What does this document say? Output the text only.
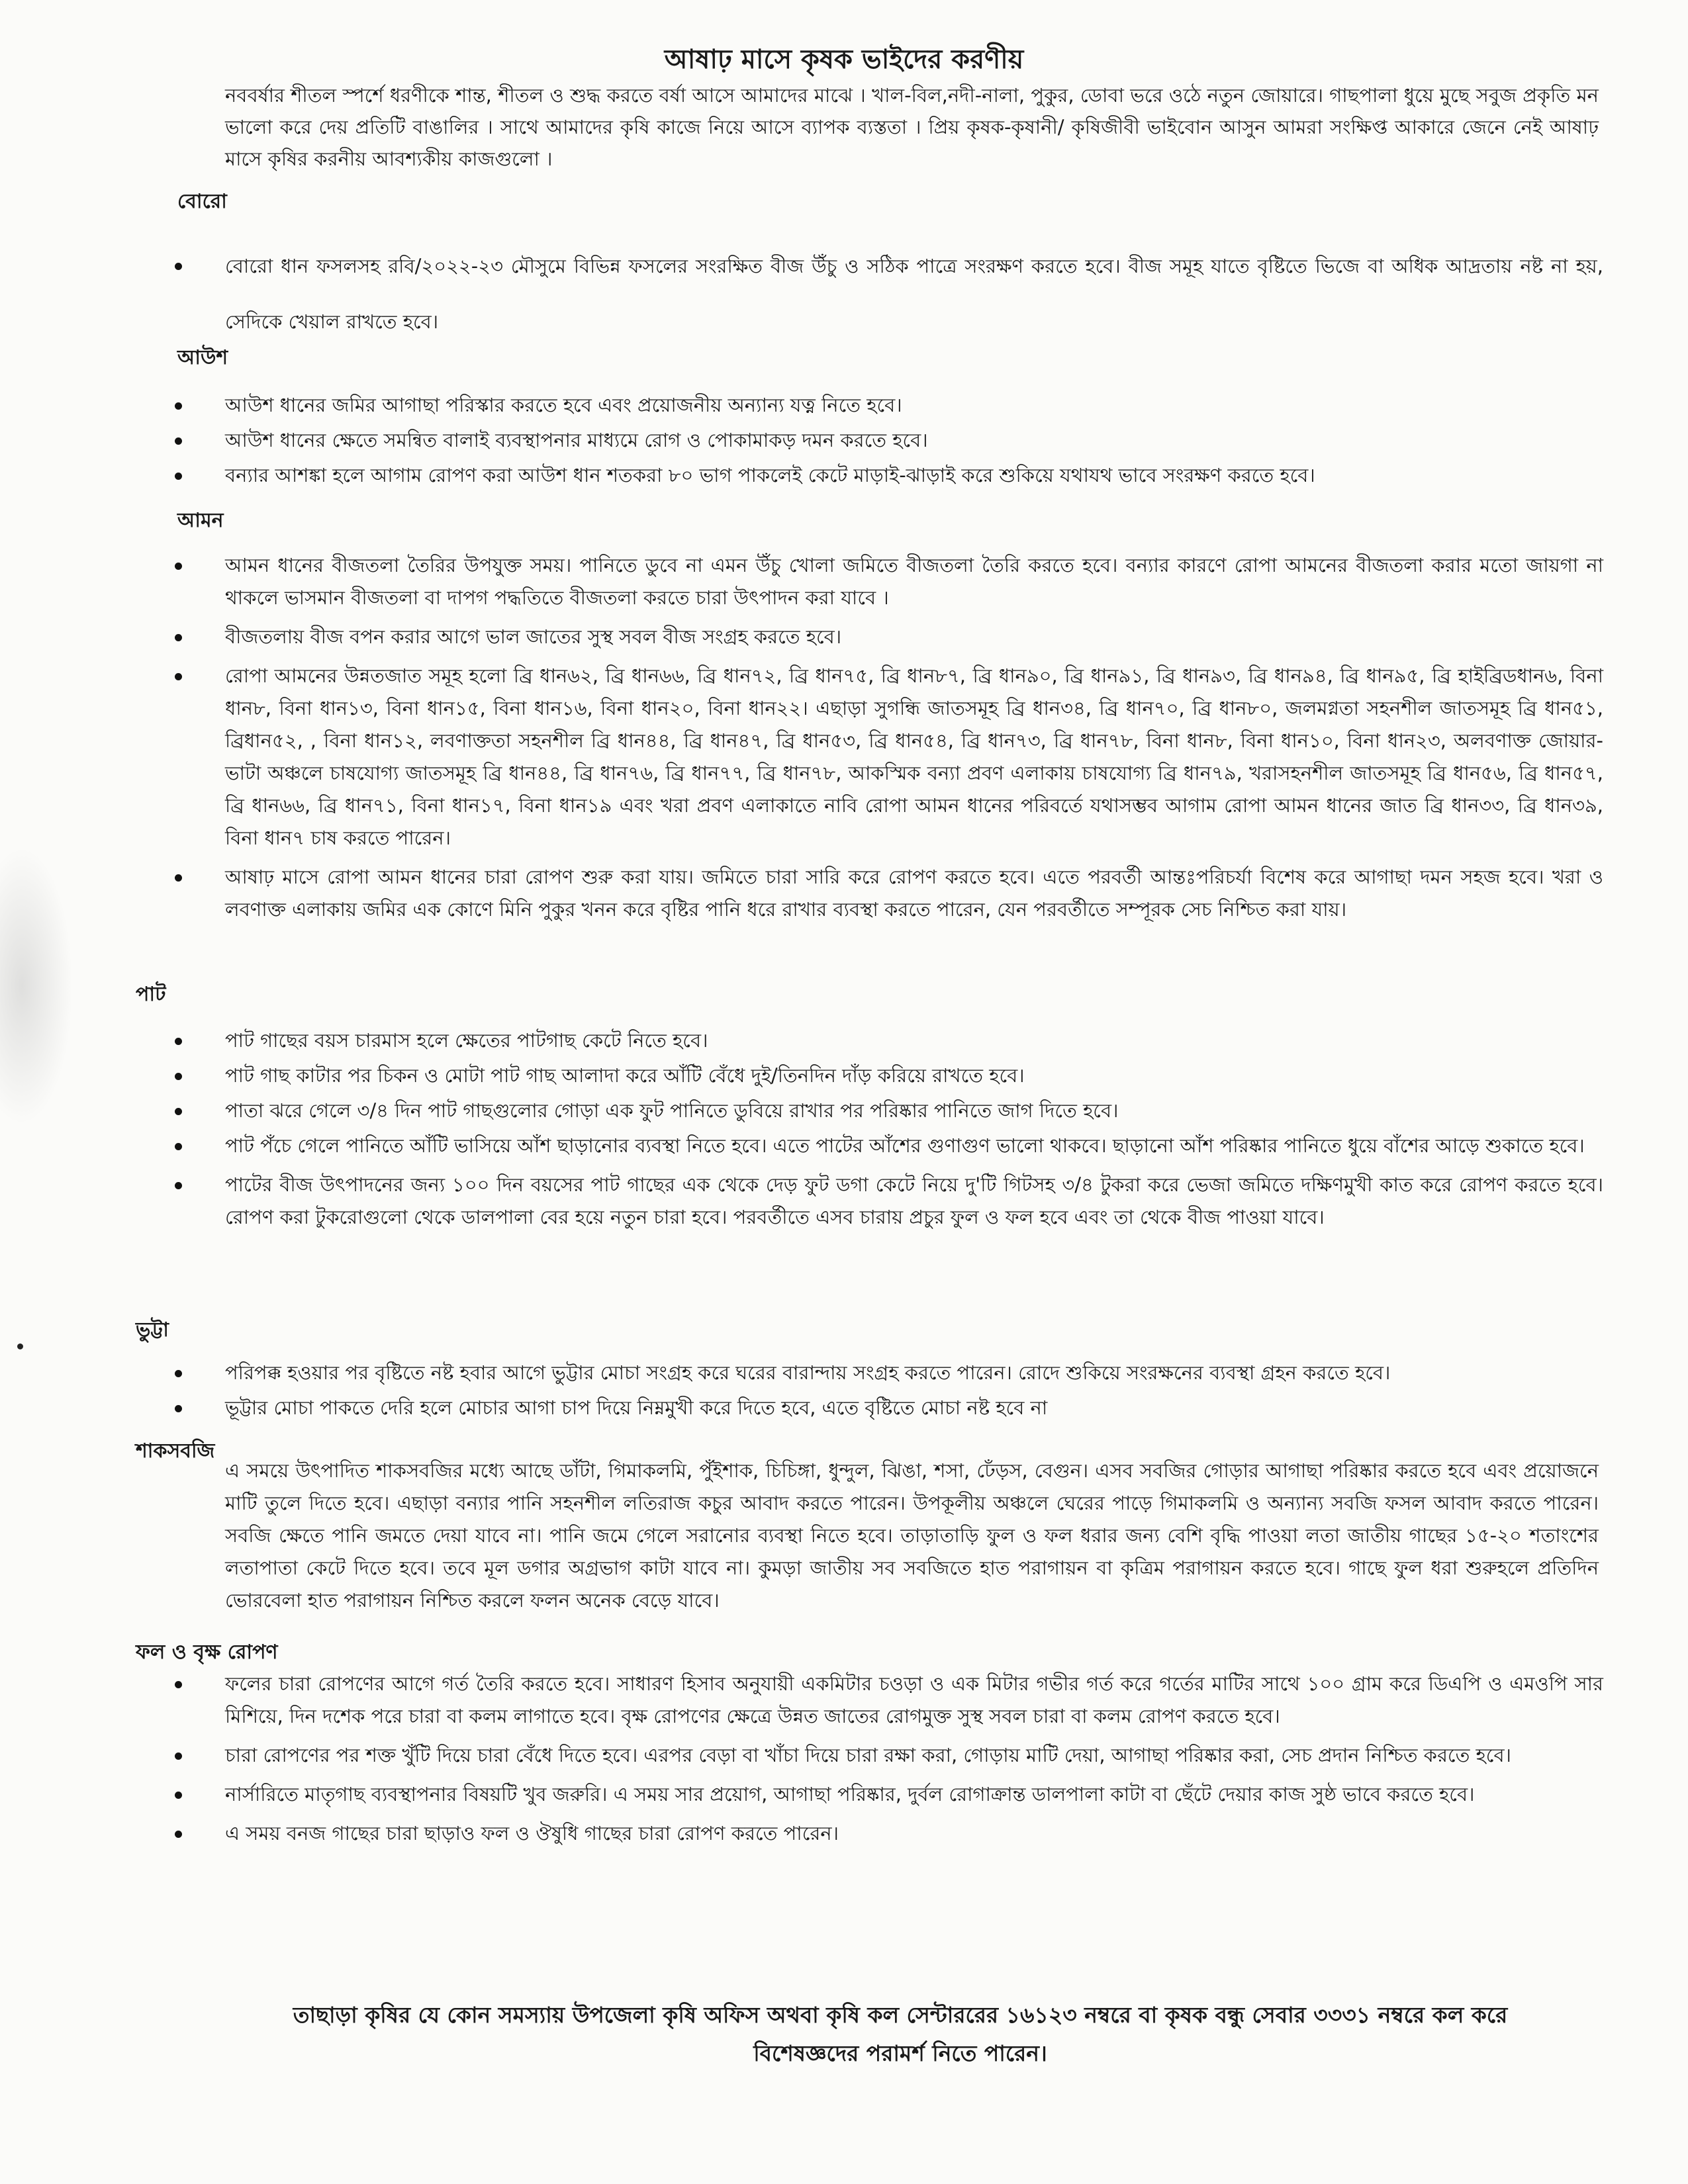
আষাঢ় মাসে কৃষক ভাইদের করণীয়

নববর্ষার শীতল স্পর্শে ধরণীকে শান্ত, শীতল ও শুদ্ধ করতে বর্ষা আসে আমাদের মাঝে । খাল-বিল,নদী-নালা, পুকুর, ডোবা ভরে ওঠে নতুন জোয়ারে। গাছপালা ধুয়ে মুছে সবুজ প্রকৃতি মন ভালো করে দেয় প্রতিটি বাঙালির । সাথে আমাদের কৃষি কাজে নিয়ে আসে ব্যাপক ব্যস্ততা । প্রিয় কৃষক-কৃষানী/ কৃষিজীবী ভাইবোন আসুন আমরা সংক্ষিপ্ত আকারে জেনে নেই আষাঢ় মাসে কৃষির করনীয় আবশ্যকীয় কাজগুলো ।

বোরো
বোরো ধান ফসলসহ রবি/২০২২-২৩ মৌসুমে বিভিন্ন ফসলের সংরক্ষিত বীজ উঁচু ও সঠিক পাত্রে সংরক্ষণ করতে হবে। বীজ সমূহ যাতে বৃষ্টিতে ভিজে বা অধিক আদ্রতায় নষ্ট না হয়, সেদিকে খেয়াল রাখতে হবে।
আউশ
আউশ ধানের জমির আগাছা পরিস্কার করতে হবে এবং প্রয়োজনীয় অন্যান্য যত্ন নিতে হবে।
আউশ ধানের ক্ষেতে সমন্বিত বালাই ব্যবস্থাপনার মাধ্যমে রোগ ও পোকামাকড় দমন করতে হবে।
বন্যার আশঙ্কা হলে আগাম রোপণ করা আউশ ধান শতকরা ৮০ ভাগ পাকলেই কেটে মাড়াই-ঝাড়াই করে শুকিয়ে যথাযথ ভাবে সংরক্ষণ করতে হবে।
আমন
আমন ধানের বীজতলা তৈরির উপযুক্ত সময়। পানিতে ডুবে না এমন উঁচু খোলা জমিতে বীজতলা তৈরি করতে হবে। বন্যার কারণে রোপা আমনের বীজতলা করার মতো জায়গা না থাকলে ভাসমান বীজতলা বা দাপগ পদ্ধতিতে বীজতলা করতে চারা উৎপাদন করা যাবে ।
বীজতলায় বীজ বপন করার আগে ভাল জাতের সুস্থ সবল বীজ সংগ্রহ করতে হবে।
রোপা আমনের উন্নতজাত সমূহ হলো ব্রি ধান৬২, ব্রি ধান৬৬, ব্রি ধান৭২, ব্রি ধান৭৫, ব্রি ধান৮৭, ব্রি ধান৯০, ব্রি ধান৯১, ব্রি ধান৯৩, ব্রি ধান৯৪, ব্রি ধান৯৫, ব্রি হাইব্রিডধান৬, বিনা ধান৮, বিনা ধান১৩, বিনা ধান১৫, বিনা ধান১৬, বিনা ধান২০, বিনা ধান২২। এছাড়া সুগন্ধি জাতসমূহ ব্রি ধান৩৪, ব্রি ধান৭০, ব্রি ধান৮০, জলমগ্নতা সহনশীল জাতসমূহ ব্রি ধান৫১, ব্রিধান৫২, , বিনা ধান১২, লবণাক্ততা সহনশীল ব্রি ধান৪৪, ব্রি ধান৪৭, ব্রি ধান৫৩, ব্রি ধান৫৪, ব্রি ধান৭৩, ব্রি ধান৭৮, বিনা ধান৮, বিনা ধান১০, বিনা ধান২৩, অলবণাক্ত জোয়ার-ভাটা অঞ্চলে চাষযোগ্য জাতসমূহ ব্রি ধান৪৪, ব্রি ধান৭৬, ব্রি ধান৭৭, ব্রি ধান৭৮, আকস্মিক বন্যা প্রবণ এলাকায় চাষযোগ্য ব্রি ধান৭৯, খরাসহনশীল জাতসমূহ ব্রি ধান৫৬, ব্রি ধান৫৭, ব্রি ধান৬৬, ব্রি ধান৭১, বিনা ধান১৭, বিনা ধান১৯ এবং খরা প্রবণ এলাকাতে নাবি রোপা আমন ধানের পরিবর্তে যথাসম্ভব আগাম রোপা আমন ধানের জাত ব্রি ধান৩৩, ব্রি ধান৩৯, বিনা ধান৭ চাষ করতে পারেন।
আষাঢ় মাসে রোপা আমন ধানের চারা রোপণ শুরু করা যায়। জমিতে চারা সারি করে রোপণ করতে হবে। এতে পরবর্তী আন্তঃপরিচর্যা বিশেষ করে আগাছা দমন সহজ হবে। খরা ও লবণাক্ত এলাকায় জমির এক কোণে মিনি পুকুর খনন করে বৃষ্টির পানি ধরে রাখার ব্যবস্থা করতে পারেন, যেন পরবর্তীতে সম্পূরক সেচ নিশ্চিত করা যায়।
পাট
পাট গাছের বয়স চারমাস হলে ক্ষেতের পাটগাছ কেটে নিতে হবে।
পাট গাছ কাটার পর চিকন ও মোটা পাট গাছ আলাদা করে আঁটি বেঁধে দুই/তিনদিন দাঁড় করিয়ে রাখতে হবে।
পাতা ঝরে গেলে ৩/৪ দিন পাট গাছগুলোর গোড়া এক ফুট পানিতে ডুবিয়ে রাখার পর পরিষ্কার পানিতে জাগ দিতে হবে।
পাট পঁচে গেলে পানিতে আঁটি ভাসিয়ে আঁশ ছাড়ানোর ব্যবস্থা নিতে হবে। এতে পাটের আঁশের গুণাগুণ ভালো থাকবে। ছাড়ানো আঁশ পরিষ্কার পানিতে ধুয়ে বাঁশের আড়ে শুকাতে হবে।
পাটের বীজ উৎপাদনের জন্য ১০০ দিন বয়সের পাট গাছের এক থেকে দেড় ফুট ডগা কেটে নিয়ে দু'টি গিটসহ ৩/৪ টুকরা করে ভেজা জমিতে দক্ষিণমুখী কাত করে রোপণ করতে হবে। রোপণ করা টুকরোগুলো থেকে ডালপালা বের হয়ে নতুন চারা হবে। পরবর্তীতে এসব চারায় প্রচুর ফুল ও ফল হবে এবং তা থেকে বীজ পাওয়া যাবে।
ভুট্টা
পরিপক্ক হওয়ার পর বৃষ্টিতে নষ্ট হবার আগে ভুট্টার মোচা সংগ্রহ করে ঘরের বারান্দায় সংগ্রহ করতে পারেন। রোদে শুকিয়ে সংরক্ষনের ব্যবস্থা গ্রহন করতে হবে।
ভূট্টার মোচা পাকতে দেরি হলে মোচার আগা চাপ দিয়ে নিম্নমুখী করে দিতে হবে, এতে বৃষ্টিতে মোচা নষ্ট হবে না
শাকসবজি

এ সময়ে উৎপাদিত শাকসবজির মধ্যে আছে ডাঁটা, গিমাকলমি, পুঁইশাক, চিচিঙ্গা, ধুন্দুল, ঝিঙা, শসা, ঢেঁড়স, বেগুন। এসব সবজির গোড়ার আগাছা পরিষ্কার করতে হবে এবং প্রয়োজনে মাটি তুলে দিতে হবে। এছাড়া বন্যার পানি সহনশীল লতিরাজ কচুর আবাদ করতে পারেন। উপকূলীয় অঞ্চলে ঘেরের পাড়ে গিমাকলমি ও অন্যান্য সবজি ফসল আবাদ করতে পারেন। সবজি ক্ষেতে পানি জমতে দেয়া যাবে না। পানি জমে গেলে সরানোর ব্যবস্থা নিতে হবে। তাড়াতাড়ি ফুল ও ফল ধরার জন্য বেশি বৃদ্ধি পাওয়া লতা জাতীয় গাছের ১৫-২০ শতাংশের লতাপাতা কেটে দিতে হবে। তবে মূল ডগার অগ্রভাগ কাটা যাবে না। কুমড়া জাতীয় সব সবজিতে হাত পরাগায়ন বা কৃত্রিম পরাগায়ন করতে হবে। গাছে ফুল ধরা শুরুহলে প্রতিদিন ভোরবেলা হাত পরাগায়ন নিশ্চিত করলে ফলন অনেক বেড়ে যাবে।

ফল ও বৃক্ষ রোপণ
ফলের চারা রোপণের আগে গর্ত তৈরি করতে হবে। সাধারণ হিসাব অনুযায়ী একমিটার চওড়া ও এক মিটার গভীর গর্ত করে গর্তের মাটির সাথে ১০০ গ্রাম করে ডিএপি ও এমওপি সার মিশিয়ে, দিন দশেক পরে চারা বা কলম লাগাতে হবে। বৃক্ষ রোপণের ক্ষেত্রে উন্নত জাতের রোগমুক্ত সুস্থ সবল চারা বা কলম রোপণ করতে হবে।
চারা রোপণের পর শক্ত খুঁটি দিয়ে চারা বেঁধে দিতে হবে। এরপর বেড়া বা খাঁচা দিয়ে চারা রক্ষা করা, গোড়ায় মাটি দেয়া, আগাছা পরিষ্কার করা, সেচ প্রদান নিশ্চিত করতে হবে।
নার্সারিতে মাতৃগাছ ব্যবস্থাপনার বিষয়টি খুব জরুরি। এ সময় সার প্রয়োগ, আগাছা পরিষ্কার, দুর্বল রোগাক্রান্ত ডালপালা কাটা বা ছেঁটে দেয়ার কাজ সুষ্ঠ ভাবে করতে হবে।
এ সময় বনজ গাছের চারা ছাড়াও ফল ও ঔষুধি গাছের চারা রোপণ করতে পারেন।
তাছাড়া কৃষির যে কোন সমস্যায় উপজেলা কৃষি অফিস অথবা কৃষি কল সেন্টাররের ১৬১২৩ নম্বরে বা কৃষক বন্ধু সেবার ৩৩৩১ নম্বরে কল করে
বিশেষজ্ঞদের পরামর্শ নিতে পারেন।
